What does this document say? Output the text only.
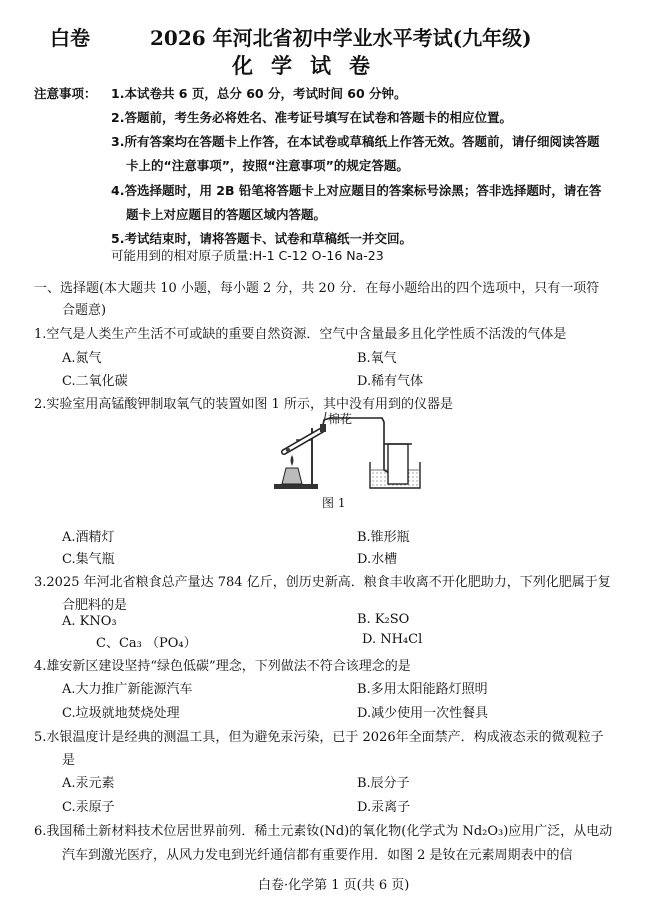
白卷	2026 年河北省初中学业水平考试(九年级)
化学试卷
注意事项： 1.本试卷共 6 页，总分 60 分，考试时间 60 分钟。
2.答题前，考生务必将姓名、准考证号填写在试卷和答题卡的相应位置。
3.所有答案均在答题卡上作答，在本试卷或草稿纸上作答无效。答题前，请仔细阅读答题
卡上的“注意事项”，按照“注意事项”的规定答题。
4.答选择题时，用 2B 铅笔将答题卡上对应题目的答案标号涂黑；答非选择题时，请在答
题卡上对应题目的答题区域内答题。
5.考试结束时，请将答题卡、试卷和草稿纸一并交回。
可能用到的相对原子质量:H-1 C-12 O-16 Na-23
一、选择题(本大题共 10 小题，每小题 2 分，共 20 分．在每小题给出的四个选项中，只有一项符
合题意)
1.空气是人类生产生活不可或缺的重要自然资源．空气中含量最多且化学性质不活泼的气体是
A.氮气	B.氧气
C.二氧化碳	D.稀有气体
2.实验室用高锰酸钾制取氧气的装置如图 1 所示，其中没有用到的仪器是
棉花
图 1
A.酒精灯	B.锥形瓶
C.集气瓶	D.水槽
3.2025 年河北省粮食总产量达 784 亿斤，创历史新高．粮食丰收离不开化肥助力，下列化肥属于复
合肥料的是
A. KNO₃	B. K₂SO
C、Ca₃ （PO₄）	D. NH₄Cl
4.雄安新区建设坚持“绿色低碳”理念，下列做法不符合该理念的是
A.大力推广新能源汽车	B.多用太阳能路灯照明
C.垃圾就地焚烧处理	D.减少使用一次性餐具
5.水银温度计是经典的测温工具，但为避免汞污染，已于 2026年全面禁产．构成液态汞的微观粒子
是
A.汞元素	B.辰分子
C.汞原子	D.汞离子
6.我国稀土新材料技术位居世界前列．稀土元素钕(Nd)的氧化物(化学式为 Nd₂O₃)应用广泛，从电动
汽车到激光医疗，从风力发电到光纤通信都有重要作用．如图 2 是钕在元素周期表中的信
白卷·化学第 1 页(共 6 页)
